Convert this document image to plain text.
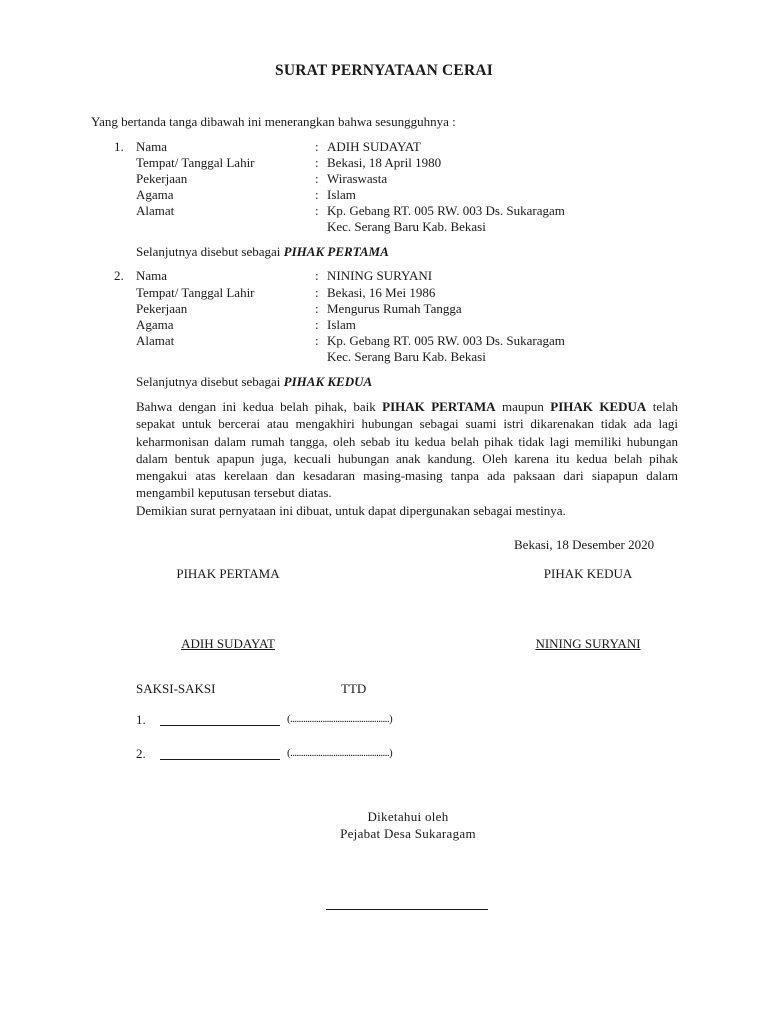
SURAT PERNYATAAN CERAI
Yang bertanda tanga dibawah ini menerangkan bahwa sesungguhnya :
1. Nama	: ADIH SUDAYAT
Tempat/ Tanggal Lahir	: Bekasi, 18 April 1980
Pekerjaan	: Wiraswasta
Agama	: Islam
Alamat	: Kp. Gebang RT. 005 RW. 003 Ds. Sukaragam
Kec. Serang Baru Kab. Bekasi
Selanjutnya disebut sebagai PIHAK PERTAMA
2. Nama	: NINING SURYANI
Tempat/ Tanggal Lahir	: Bekasi, 16 Mei 1986
Pekerjaan	: Mengurus Rumah Tangga
Agama	: Islam
Alamat	: Kp. Gebang RT. 005 RW. 003 Ds. Sukaragam
Kec. Serang Baru Kab. Bekasi
Selanjutnya disebut sebagai PIHAK KEDUA

Bahwa dengan ini kedua belah pihak, baik PIHAK PERTAMA maupun PIHAK KEDUA telah sepakat untuk bercerai atau mengakhiri hubungan sebagai suami istri dikarenakan tidak ada lagi keharmonisan dalam rumah tangga, oleh sebab itu kedua belah pihak tidak lagi memiliki hubungan dalam bentuk apapun juga, kecuali hubungan anak kandung. Oleh karena itu kedua belah pihak mengakui atas kerelaan dan kesadaran masing-masing tanpa ada paksaan dari siapapun dalam mengambil keputusan tersebut diatas.

Demikian surat pernyataan ini dibuat, untuk dapat dipergunakan sebagai mestinya.

Bekasi, 18 Desember 2020
PIHAK PERTAMA	PIHAK KEDUA
ADIH SUDAYAT	NINING SURYANI
SAKSI-SAKSI	TTD
1.	(..............................................)
2.	(..............................................)
Diketahui oleh
Pejabat Desa Sukaragam
